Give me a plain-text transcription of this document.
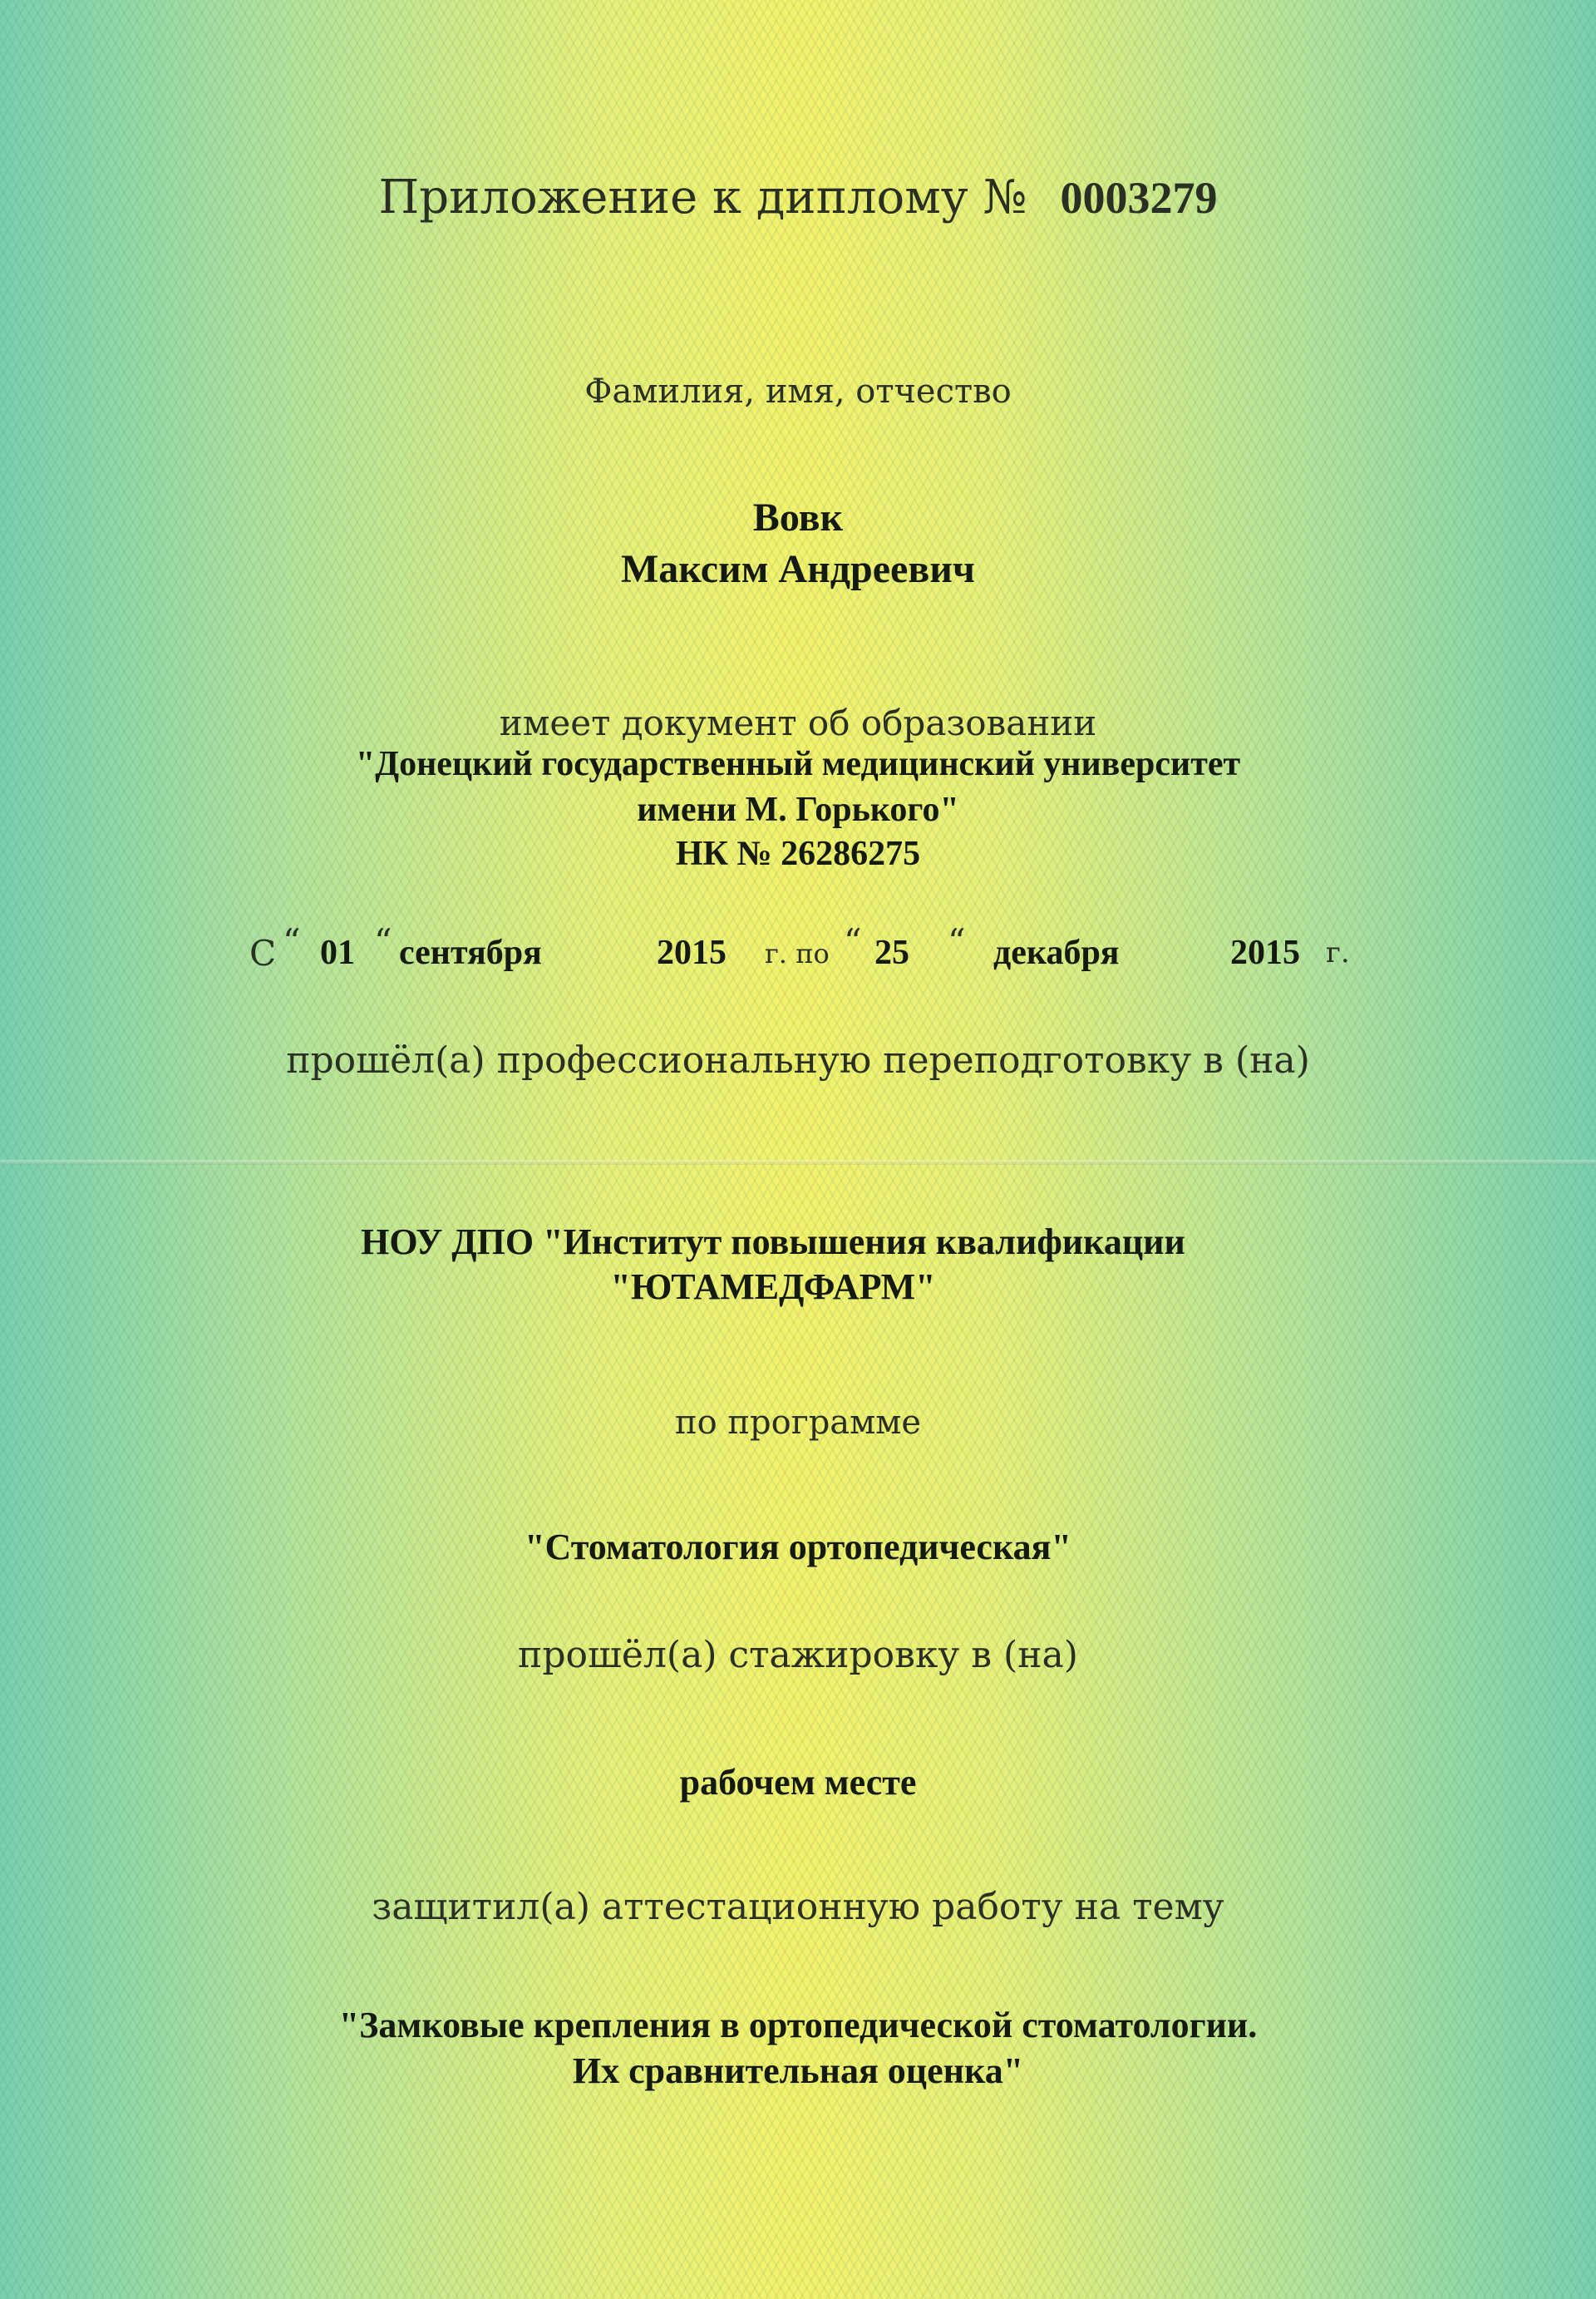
Приложение к диплому № 0003279
Фамилия, имя, отчество
Вовк
Максим Андреевич
имеет документ об образовании
"Донецкий государственный медицинский университет
имени М. Горького"
НК № 26286275
С “ 01 “ сентября	2015 г. по “ 25 “ декабря	2015 г.
прошёл(а) профессиональную переподготовку в (на)
НОУ ДПО "Институт повышения квалификации
"ЮТАМЕДФАРМ"
по программе
"Стоматология ортопедическая"
прошёл(а) стажировку в (на)
рабочем месте
защитил(а) аттестационную работу на тему
"Замковые крепления в ортопедической стоматологии.
Их сравнительная оценка"
